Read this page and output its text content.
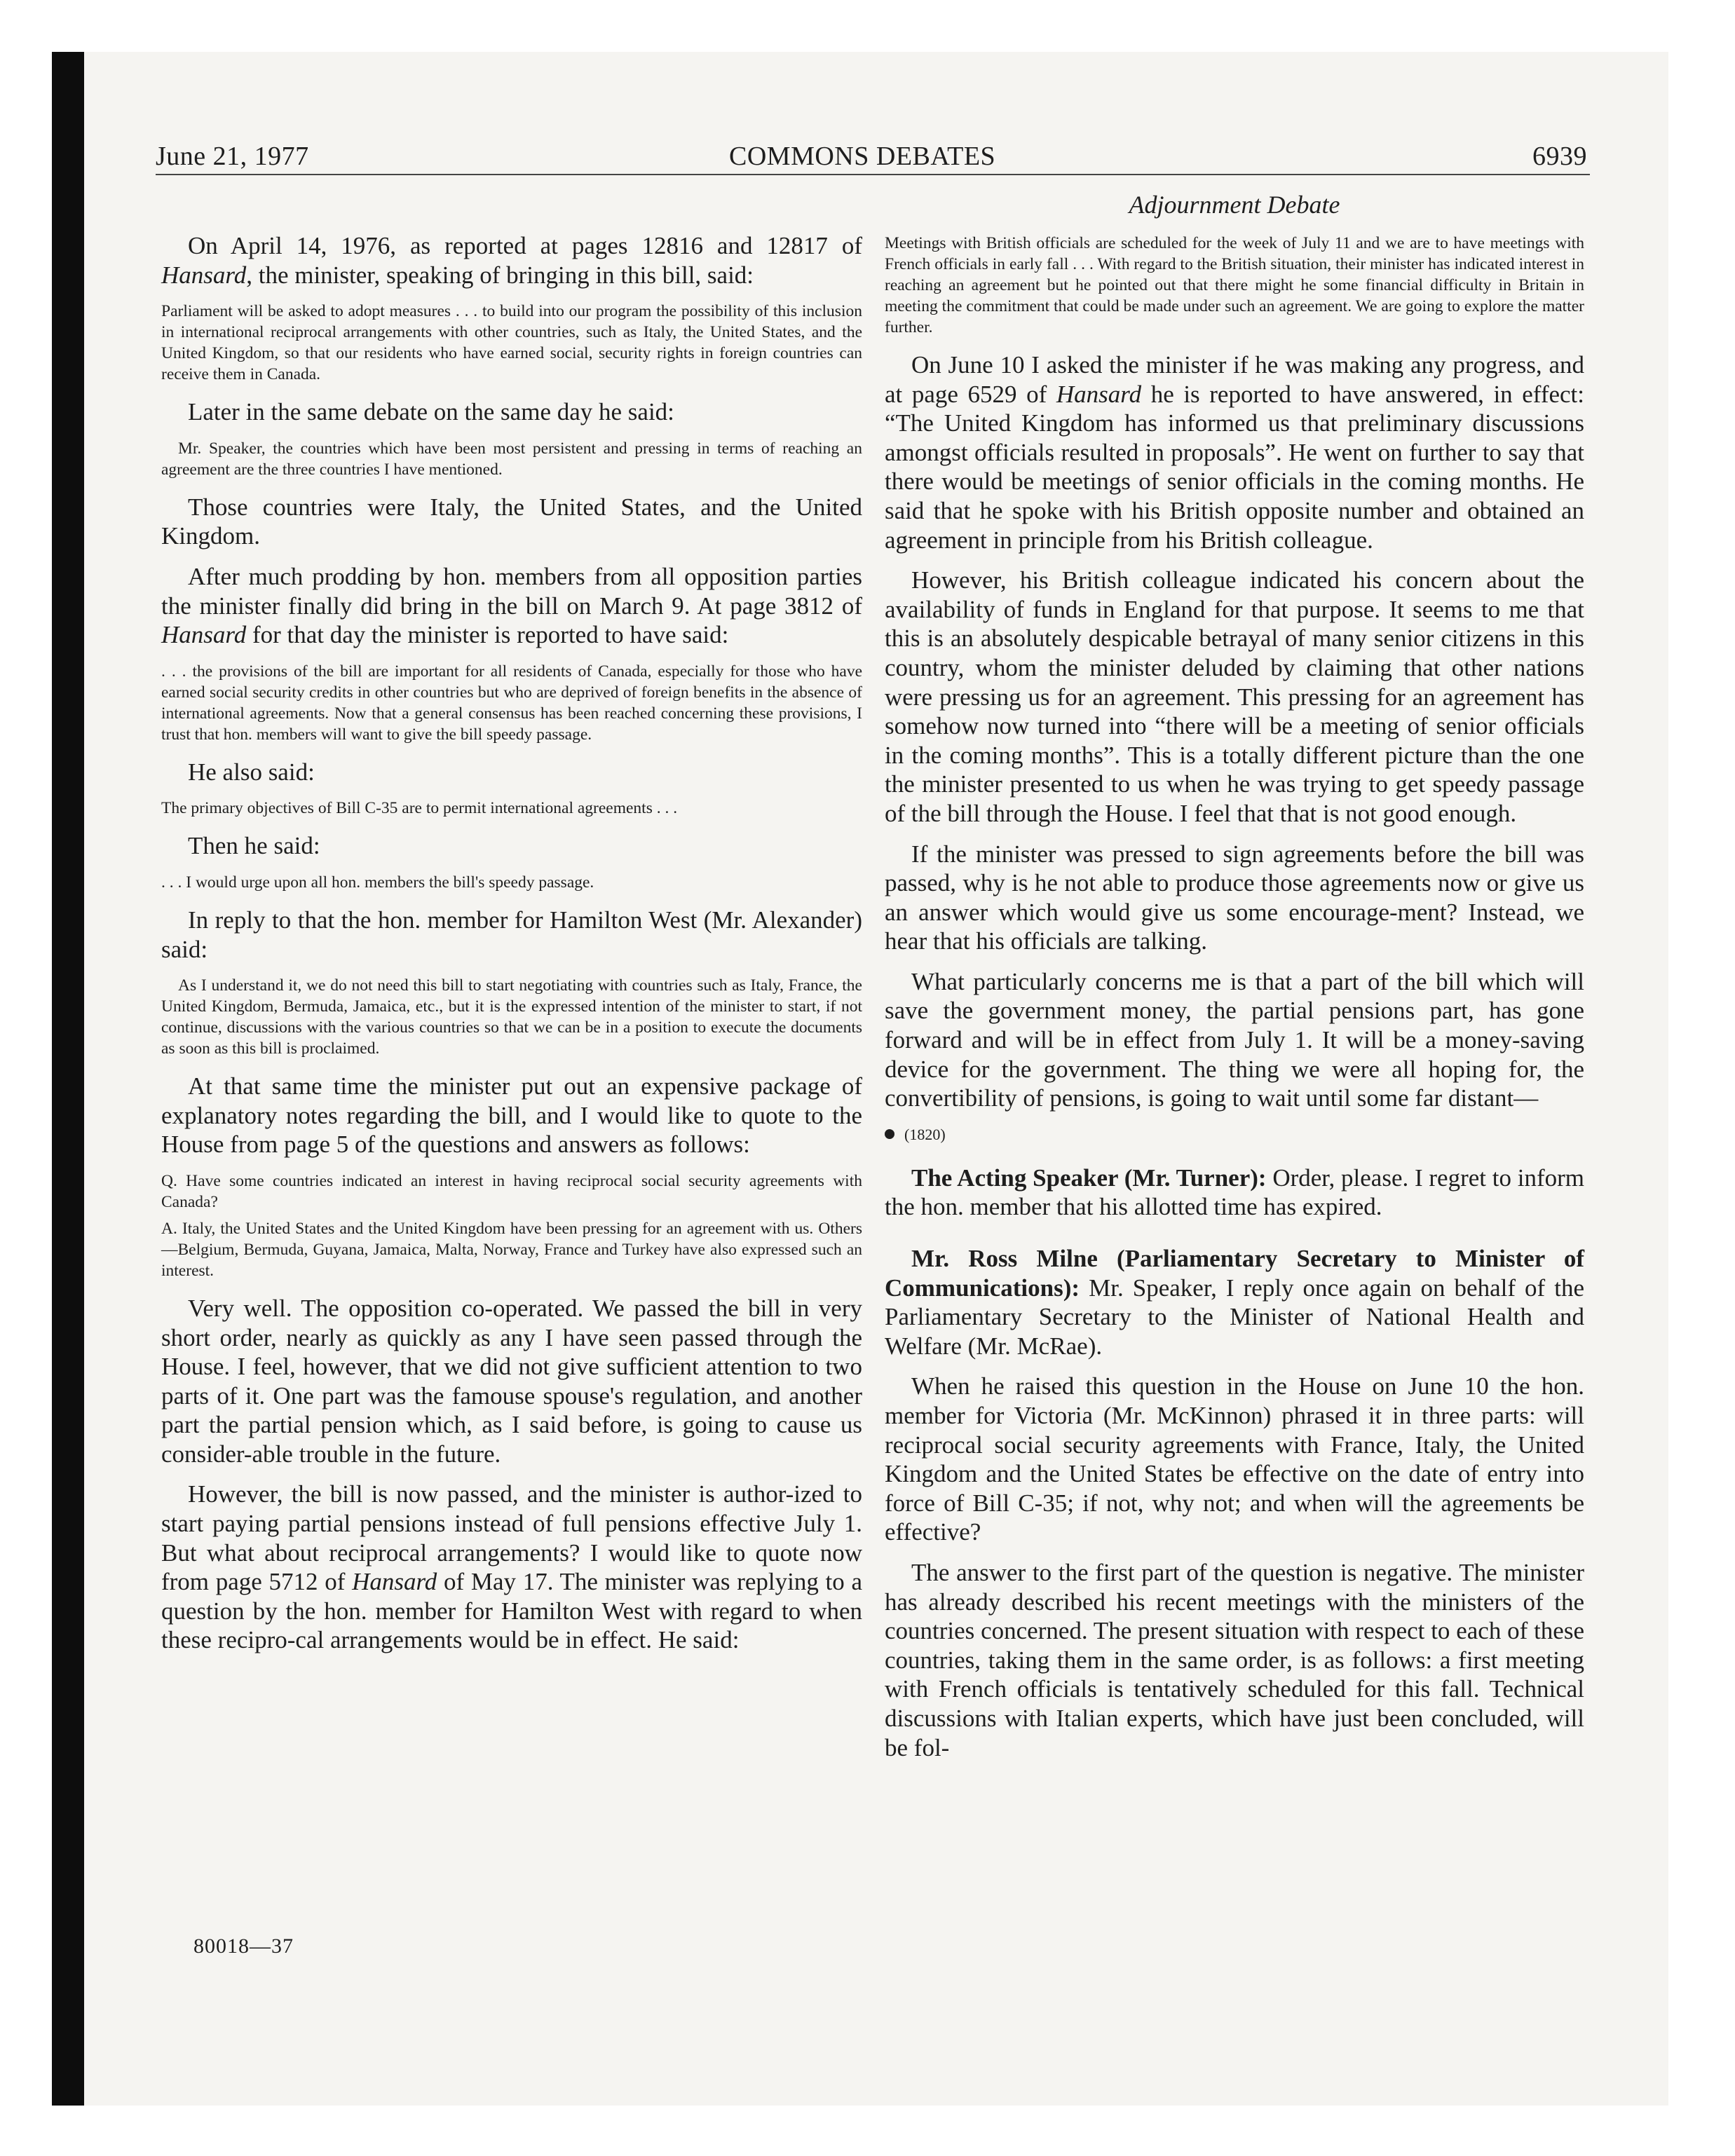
June 21, 1977	COMMONS DEBATES	6939

On April 14, 1976, as reported at pages 12816 and 12817 of Hansard, the minister, speaking of bringing in this bill, said:

Parliament will be asked to adopt measures . . . to build into our program the possibility of this inclusion in international reciprocal arrangements with other countries, such as Italy, the United States, and the United Kingdom, so that our residents who have earned social, security rights in foreign countries can receive them in Canada.

Later in the same debate on the same day he said:

Mr. Speaker, the countries which have been most persistent and pressing in terms of reaching an agreement are the three countries I have mentioned.

Those countries were Italy, the United States, and the United Kingdom.

After much prodding by hon. members from all opposition parties the minister finally did bring in the bill on March 9. At page 3812 of Hansard for that day the minister is reported to have said:

. . . the provisions of the bill are important for all residents of Canada, especially for those who have earned social security credits in other countries but who are deprived of foreign benefits in the absence of international agreements. Now that a general consensus has been reached concerning these provisions, I trust that hon. members will want to give the bill speedy passage.

He also said:

The primary objectives of Bill C-35 are to permit international agreements . . .

Then he said:

. . . I would urge upon all hon. members the bill's speedy passage.

In reply to that the hon. member for Hamilton West (Mr. Alexander) said:

As I understand it, we do not need this bill to start negotiating with countries such as Italy, France, the United Kingdom, Bermuda, Jamaica, etc., but it is the expressed intention of the minister to start, if not continue, discussions with the various countries so that we can be in a position to execute the documents as soon as this bill is proclaimed.

At that same time the minister put out an expensive package of explanatory notes regarding the bill, and I would like to quote to the House from page 5 of the questions and answers as follows:

Q. Have some countries indicated an interest in having reciprocal social security agreements with Canada?

A. Italy, the United States and the United Kingdom have been pressing for an agreement with us. Others—Belgium, Bermuda, Guyana, Jamaica, Malta, Norway, France and Turkey have also expressed such an interest.

Very well. The opposition co-operated. We passed the bill in very short order, nearly as quickly as any I have seen passed through the House. I feel, however, that we did not give sufficient attention to two parts of it. One part was the famouse spouse's regulation, and another part the partial pension which, as I said before, is going to cause us consider-able trouble in the future.

However, the bill is now passed, and the minister is author-ized to start paying partial pensions instead of full pensions effective July 1. But what about reciprocal arrangements? I would like to quote now from page 5712 of Hansard of May 17. The minister was replying to a question by the hon. member for Hamilton West with regard to when these recipro-cal arrangements would be in effect. He said:

Adjournment Debate

Meetings with British officials are scheduled for the week of July 11 and we are to have meetings with French officials in early fall . . . With regard to the British situation, their minister has indicated interest in reaching an agreement but he pointed out that there might he some financial difficulty in Britain in meeting the commitment that could be made under such an agreement. We are going to explore the matter further.

On June 10 I asked the minister if he was making any progress, and at page 6529 of Hansard he is reported to have answered, in effect: “The United Kingdom has informed us that preliminary discussions amongst officials resulted in proposals”. He went on further to say that there would be meetings of senior officials in the coming months. He said that he spoke with his British opposite number and obtained an agreement in principle from his British colleague.

However, his British colleague indicated his concern about the availability of funds in England for that purpose. It seems to me that this is an absolutely despicable betrayal of many senior citizens in this country, whom the minister deluded by claiming that other nations were pressing us for an agreement. This pressing for an agreement has somehow now turned into “there will be a meeting of senior officials in the coming months”. This is a totally different picture than the one the minister presented to us when he was trying to get speedy passage of the bill through the House. I feel that that is not good enough.

If the minister was pressed to sign agreements before the bill was passed, why is he not able to produce those agreements now or give us an answer which would give us some encourage-ment? Instead, we hear that his officials are talking.

What particularly concerns me is that a part of the bill which will save the government money, the partial pensions part, has gone forward and will be in effect from July 1. It will be a money-saving device for the government. The thing we were all hoping for, the convertibility of pensions, is going to wait until some far distant—

(1820)

The Acting Speaker (Mr. Turner): Order, please. I regret to inform the hon. member that his allotted time has expired.

Mr. Ross Milne (Parliamentary Secretary to Minister of Communications): Mr. Speaker, I reply once again on behalf of the Parliamentary Secretary to the Minister of National Health and Welfare (Mr. McRae).

When he raised this question in the House on June 10 the hon. member for Victoria (Mr. McKinnon) phrased it in three parts: will reciprocal social security agreements with France, Italy, the United Kingdom and the United States be effective on the date of entry into force of Bill C-35; if not, why not; and when will the agreements be effective?

The answer to the first part of the question is negative. The minister has already described his recent meetings with the ministers of the countries concerned. The present situation with respect to each of these countries, taking them in the same order, is as follows: a first meeting with French officials is tentatively scheduled for this fall. Technical discussions with Italian experts, which have just been concluded, will be fol-

80018—37
